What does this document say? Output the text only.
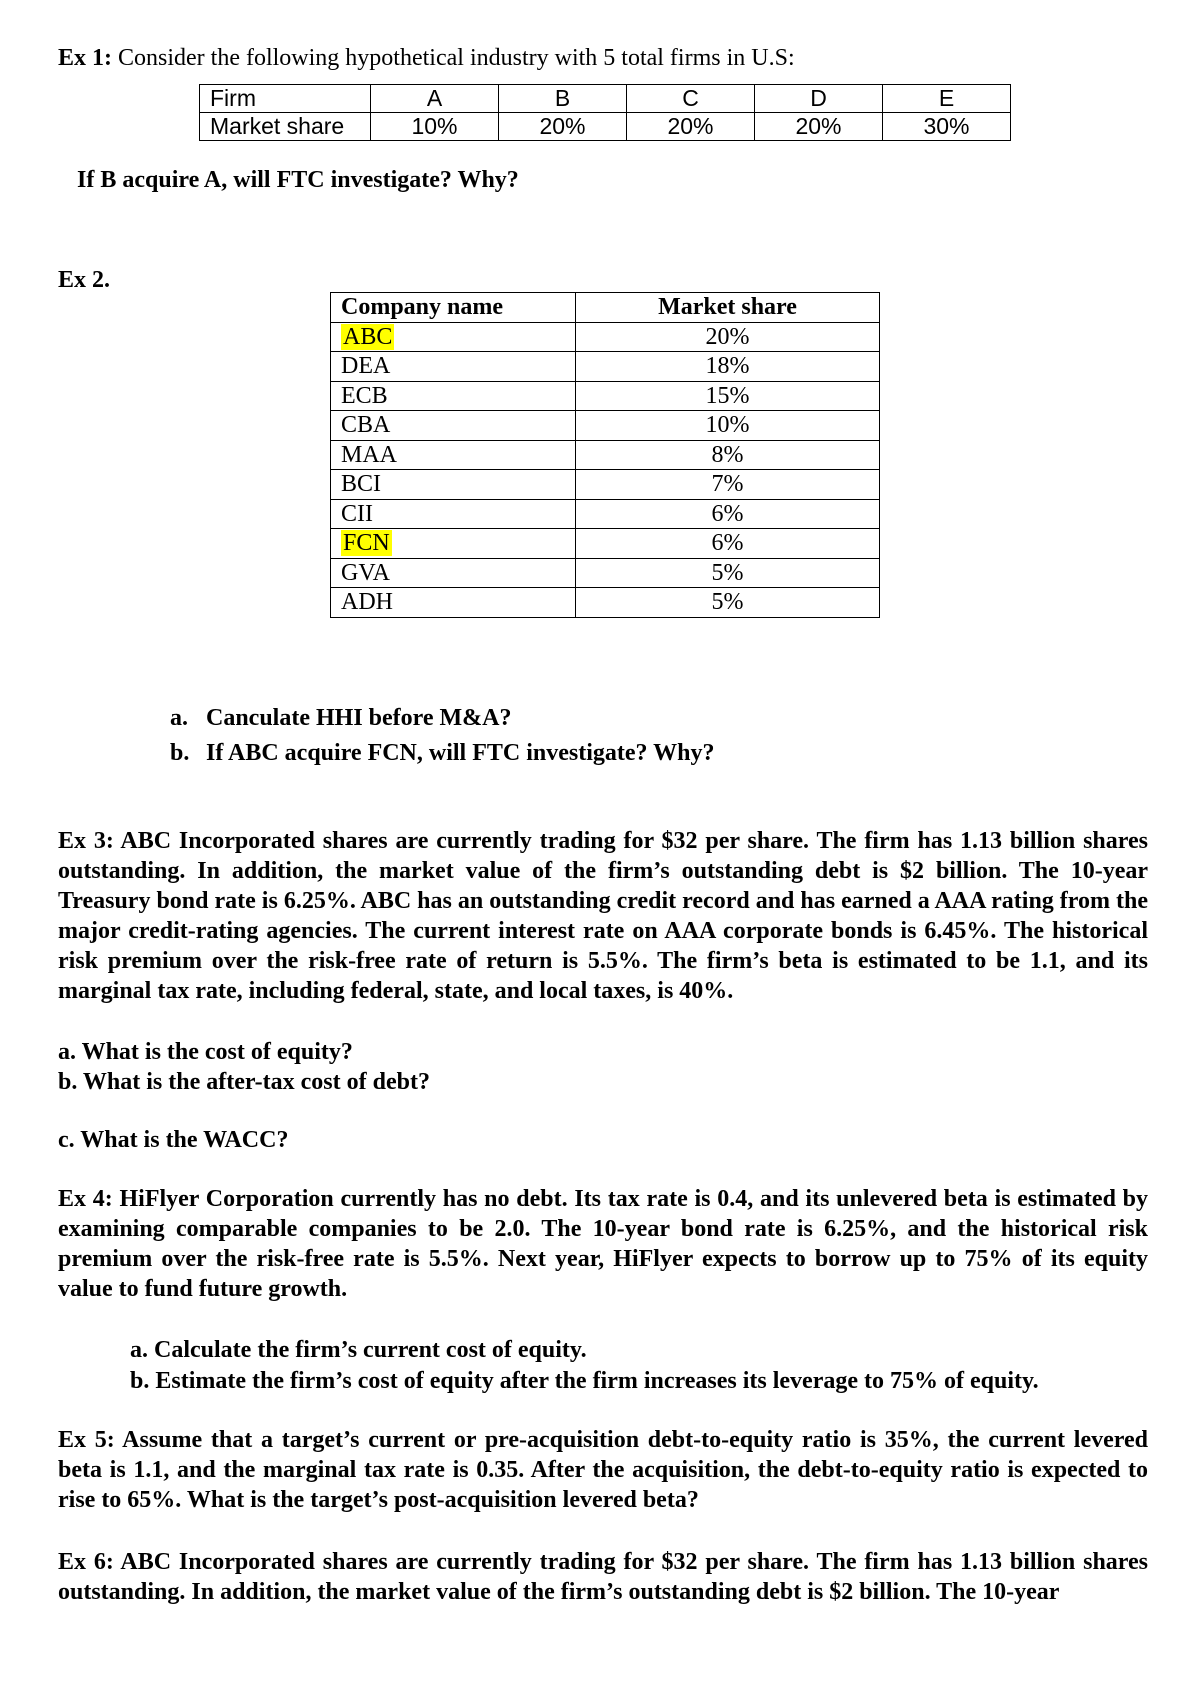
Ex 1: Consider the following hypothetical industry with 5 total firms in U.S:
Firm	A	B	C	D	E
Market share	10%	20%	20%	20%	30%
If B acquire A, will FTC investigate? Why?
Ex 2.
Company name	Market share
ABC	20%
DEA	18%
ECB	15%
CBA	10%
MAA	8%
BCI	7%
CII	6%
FCN	6%
GVA	5%
ADH	5%
a. Canculate HHI before M&A?
b. If ABC acquire FCN, will FTC investigate? Why?

Ex 3: ABC Incorporated shares are currently trading for $32 per share. The firm has 1.13 billion shares outstanding. In addition, the market value of the firm’s outstanding debt is $2 billion. The 10-year Treasury bond rate is 6.25%. ABC has an outstanding credit record and has earned a AAA rating from the major credit-rating agencies. The current interest rate on AAA corporate bonds is 6.45%. The historical risk premium over the risk-free rate of return is 5.5%. The firm’s beta is estimated to be 1.1, and its marginal tax rate, including federal, state, and local taxes, is 40%.

a. What is the cost of equity?
b. What is the after-tax cost of debt?
c. What is the WACC?

Ex 4: HiFlyer Corporation currently has no debt. Its tax rate is 0.4, and its unlevered beta is estimated by examining comparable companies to be 2.0. The 10-year bond rate is 6.25%, and the historical risk premium over the risk-free rate is 5.5%. Next year, HiFlyer expects to borrow up to 75% of its equity value to fund future growth.

a. Calculate the firm’s current cost of equity.
b. Estimate the firm’s cost of equity after the firm increases its leverage to 75% of equity.

Ex 5: Assume that a target’s current or pre-acquisition debt-to-equity ratio is 35%, the current levered beta is 1.1, and the marginal tax rate is 0.35. After the acquisition, the debt-to-equity ratio is expected to rise to 65%. What is the target’s post-acquisition levered beta?

Ex 6: ABC Incorporated shares are currently trading for $32 per share. The firm has 1.13 billion shares outstanding. In addition, the market value of the firm’s outstanding debt is $2 billion. The 10-year
